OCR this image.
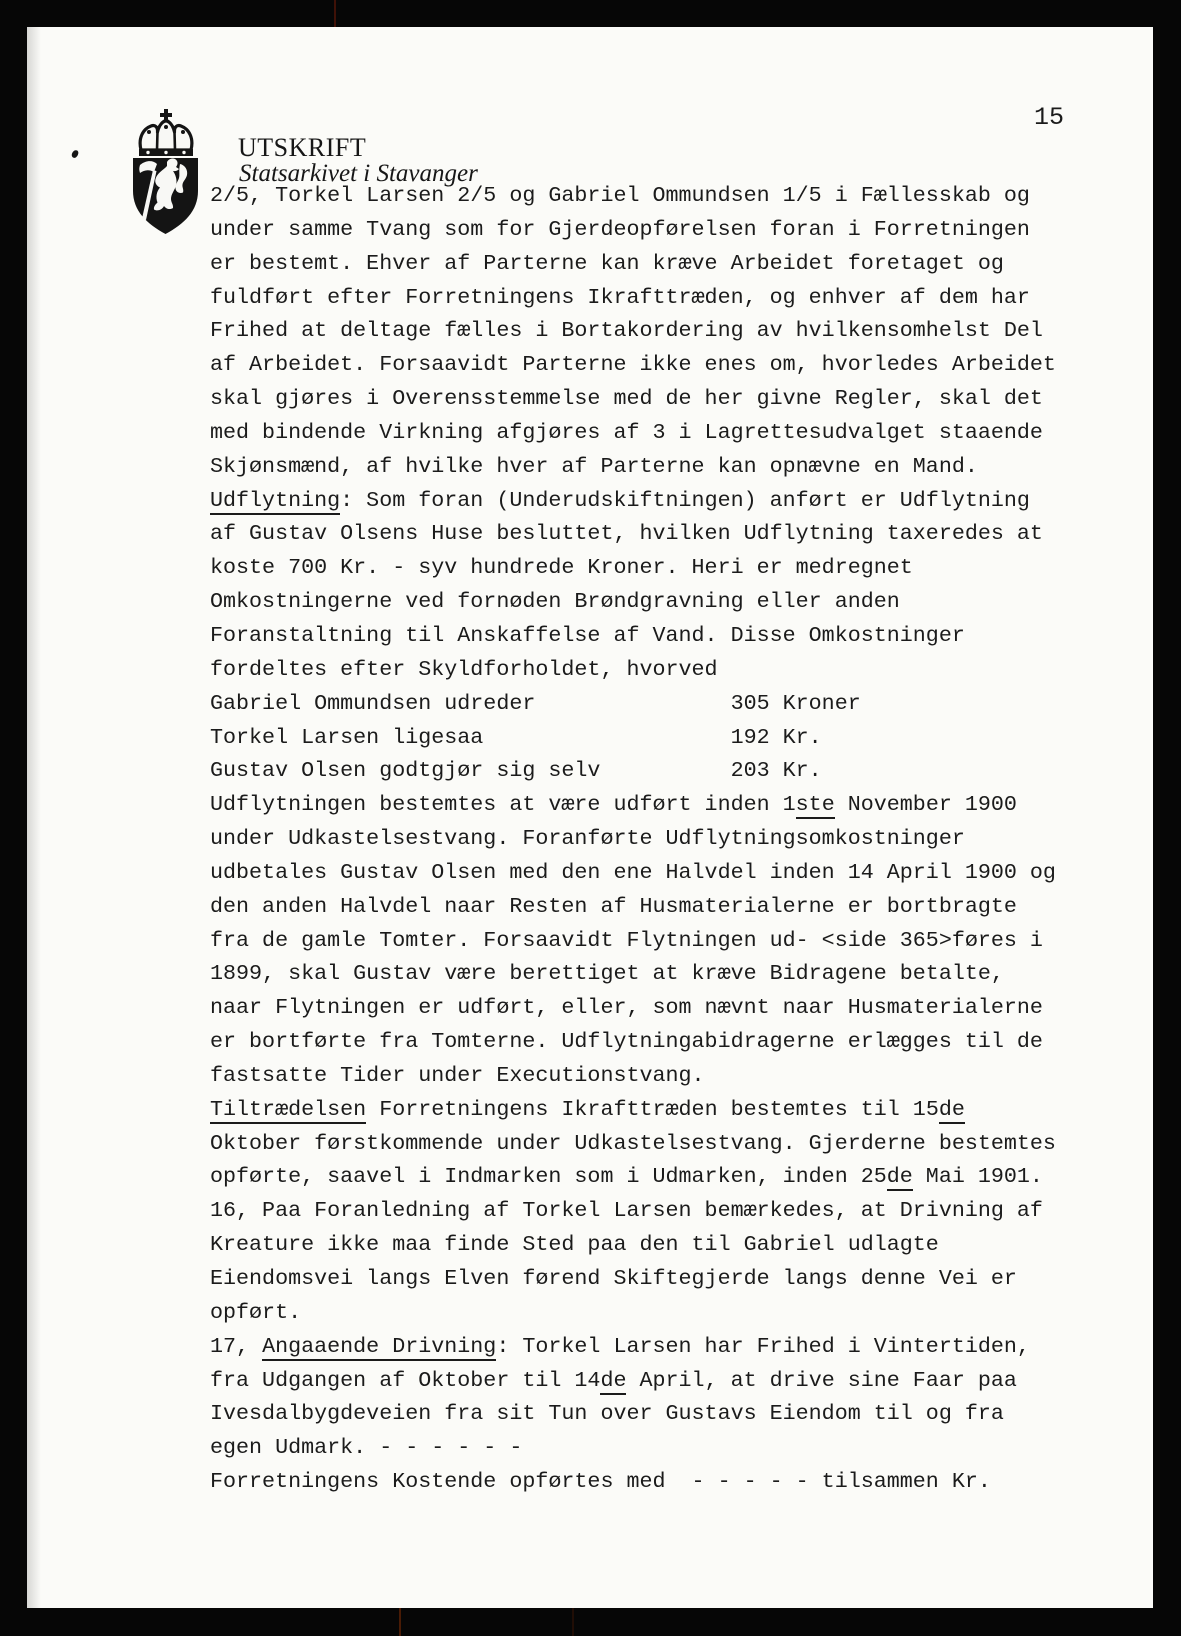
UTSKRIFT
Statsarkivet i Stavanger
15
2/5, Torkel Larsen 2/5 og Gabriel Ommundsen 1/5 i Fællesskab og
under samme Tvang som for Gjerdeopførelsen foran i Forretningen
er bestemt. Ehver af Parterne kan kræve Arbeidet foretaget og
fuldført efter Forretningens Ikrafttræden, og enhver af dem har
Frihed at deltage fælles i Bortakordering av hvilkensomhelst Del
af Arbeidet. Forsaavidt Parterne ikke enes om, hvorledes Arbeidet
skal gjøres i Overensstemmelse med de her givne Regler, skal det
med bindende Virkning afgjøres af 3 i Lagrettesudvalget staaende
Skjønsmænd, af hvilke hver af Parterne kan opnævne en Mand.
Udflytning: Som foran (Underudskiftningen) anført er Udflytning
af Gustav Olsens Huse besluttet, hvilken Udflytning taxeredes at
koste 700 Kr. - syv hundrede Kroner. Heri er medregnet
Omkostningerne ved fornøden Brøndgravning eller anden
Foranstaltning til Anskaffelse af Vand. Disse Omkostninger
fordeltes efter Skyldforholdet, hvorved
Gabriel Ommundsen udreder               305 Kroner
Torkel Larsen ligesaa                   192 Kr.
Gustav Olsen godtgjør sig selv          203 Kr.
Udflytningen bestemtes at være udført inden 1ste November 1900
under Udkastelsestvang. Foranførte Udflytningsomkostninger
udbetales Gustav Olsen med den ene Halvdel inden 14 April 1900 og
den anden Halvdel naar Resten af Husmaterialerne er bortbragte
fra de gamle Tomter. Forsaavidt Flytningen ud- <side 365>føres i
1899, skal Gustav være berettiget at kræve Bidragene betalte,
naar Flytningen er udført, eller, som nævnt naar Husmaterialerne
er bortførte fra Tomterne. Udflytningabidragerne erlægges til de
fastsatte Tider under Executionstvang.
Tiltrædelsen Forretningens Ikrafttræden bestemtes til 15de
Oktober førstkommende under Udkastelsestvang. Gjerderne bestemtes
opførte, saavel i Indmarken som i Udmarken, inden 25de Mai 1901.
16, Paa Foranledning af Torkel Larsen bemærkedes, at Drivning af
Kreature ikke maa finde Sted paa den til Gabriel udlagte
Eiendomsvei langs Elven førend Skiftegjerde langs denne Vei er
opført.
17, Angaaende Drivning: Torkel Larsen har Frihed i Vintertiden,
fra Udgangen af Oktober til 14de April, at drive sine Faar paa
Ivesdalbygdeveien fra sit Tun over Gustavs Eiendom til og fra
egen Udmark. - - - - - -
Forretningens Kostende opførtes med  - - - - - tilsammen Kr.
